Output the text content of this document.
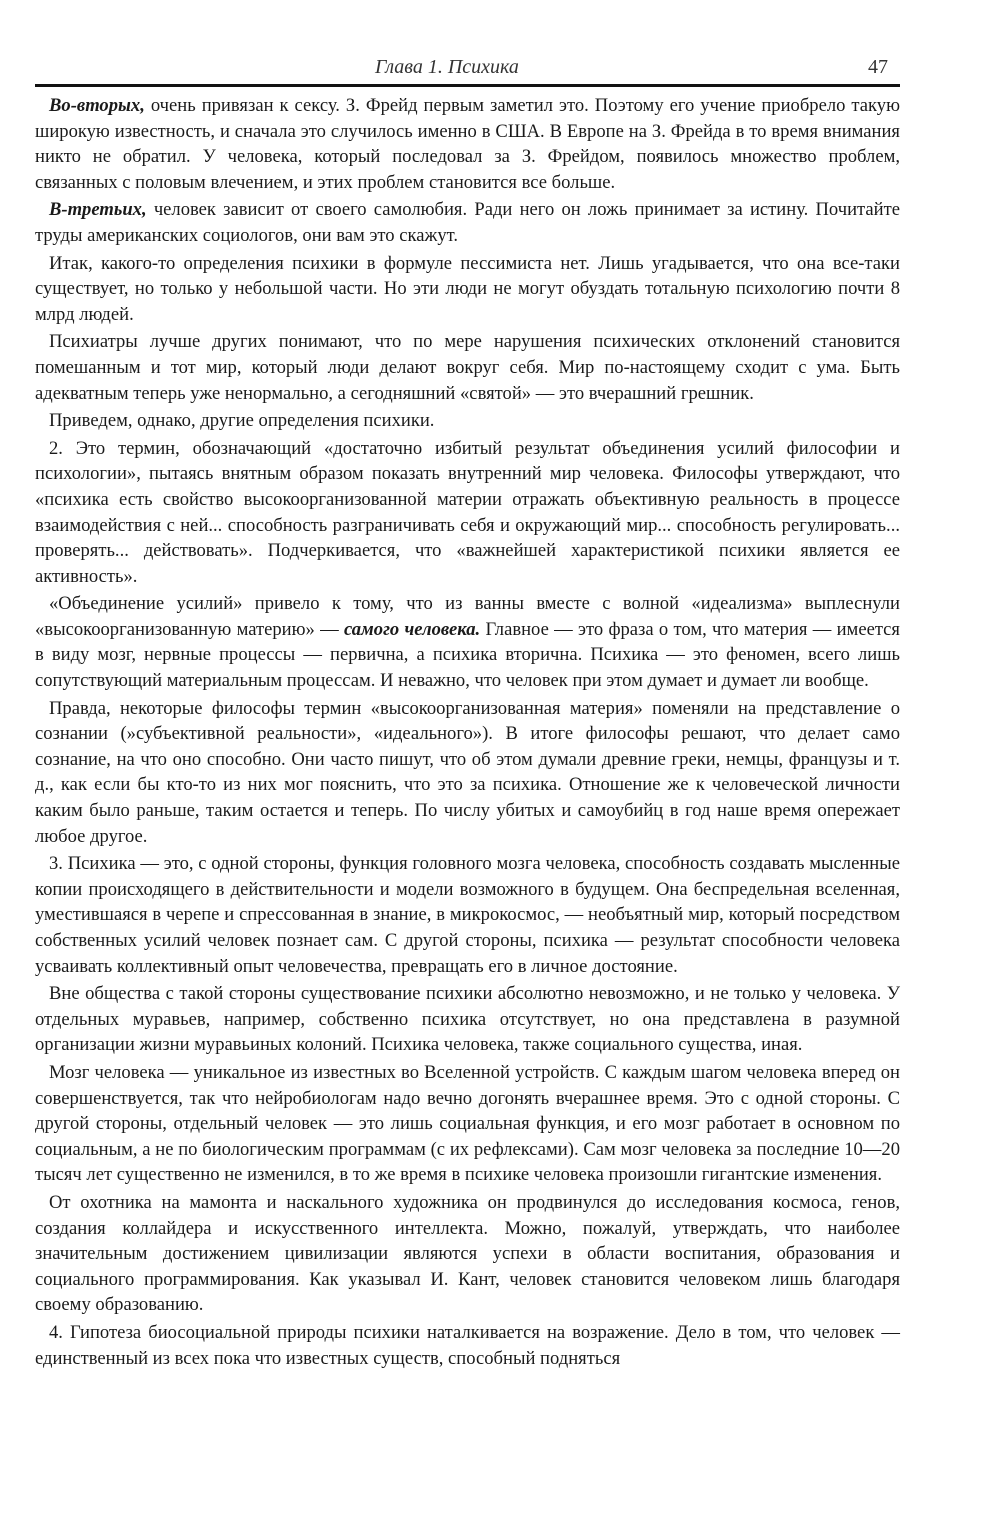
Глава 1. Психика	47

Во-вторых, очень привязан к сексу. З. Фрейд первым заметил это. Поэтому его учение приобрело такую широкую известность, и сначала это случилось именно в США. В Европе на З. Фрейда в то время внимания никто не обратил. У человека, который последовал за З. Фрейдом, появилось множество проблем, связанных с половым влечением, и этих проблем становится все больше.

В-третьих, человек зависит от своего самолюбия. Ради него он ложь принимает за истину. Почитайте труды американских социологов, они вам это скажут.

Итак, какого-то определения психики в формуле пессимиста нет. Лишь угадывается, что она все-таки существует, но только у небольшой части. Но эти люди не могут обуздать тотальную психологию почти 8 млрд людей.

Психиатры лучше других понимают, что по мере нарушения психических отклонений становится помешанным и тот мир, который люди делают вокруг себя. Мир по-настоящему сходит с ума. Быть адекватным теперь уже ненормально, а сегодняшний «святой» — это вчерашний грешник.

Приведем, однако, другие определения психики.

2. Это термин, обозначающий «достаточно избитый результат объединения усилий философии и психологии», пытаясь внятным образом показать внутренний мир человека. Философы утверждают, что «психика есть свойство высокоорганизованной материи отражать объективную реальность в процессе взаимодействия с ней... способность разграничивать себя и окружающий мир... способность регулировать... проверять... действовать». Подчеркивается, что «важнейшей характеристикой психики является ее активность».

«Объединение усилий» привело к тому, что из ванны вместе с волной «идеализма» выплеснули «высокоорганизованную материю» — самого человека. Главное — это фраза о том, что материя — имеется в виду мозг, нервные процессы — первична, а психика вторична. Психика — это феномен, всего лишь сопутствующий материальным процессам. И неважно, что человек при этом думает и думает ли вообще.

Правда, некоторые философы термин «высокоорганизованная материя» поменяли на представление о сознании (»субъективной реальности», «идеального»). В итоге философы решают, что делает само сознание, на что оно способно. Они часто пишут, что об этом думали древние греки, немцы, французы и т. д., как если бы кто-то из них мог пояснить, что это за психика. Отношение же к человеческой личности каким было раньше, таким остается и теперь. По числу убитых и самоубийц в год наше время опережает любое другое.

3. Психика — это, с одной стороны, функция головного мозга человека, способность создавать мысленные копии происходящего в действительности и модели возможного в будущем. Она беспредельная вселенная, уместившаяся в черепе и спрессованная в знание, в микрокосмос, — необъятный мир, который посредством собственных усилий человек познает сам. С другой стороны, психика — результат способности человека усваивать коллективный опыт человечества, превращать его в личное достояние.

Вне общества с такой стороны существование психики абсолютно невозможно, и не только у человека. У отдельных муравьев, например, собственно психика отсутствует, но она представлена в разумной организации жизни муравьиных колоний. Психика человека, также социального существа, иная.

Мозг человека — уникальное из известных во Вселенной устройств. С каждым шагом человека вперед он совершенствуется, так что нейробиологам надо вечно догонять вчерашнее время. Это с одной стороны. С другой стороны, отдельный человек — это лишь социальная функция, и его мозг работает в основном по социальным, а не по биологическим программам (с их рефлексами). Сам мозг человека за последние 10—20 тысяч лет существенно не изменился, в то же время в психике человека произошли гигантские изменения.

От охотника на мамонта и наскального художника он продвинулся до исследования космоса, генов, создания коллайдера и искусственного интеллекта. Можно, пожалуй, утверждать, что наиболее значительным достижением цивилизации являются успехи в области воспитания, образования и социального программирования. Как указывал И. Кант, человек становится человеком лишь благодаря своему образованию.

4. Гипотеза биосоциальной природы психики наталкивается на возражение. Дело в том, что человек — единственный из всех пока что известных существ, способный подняться
